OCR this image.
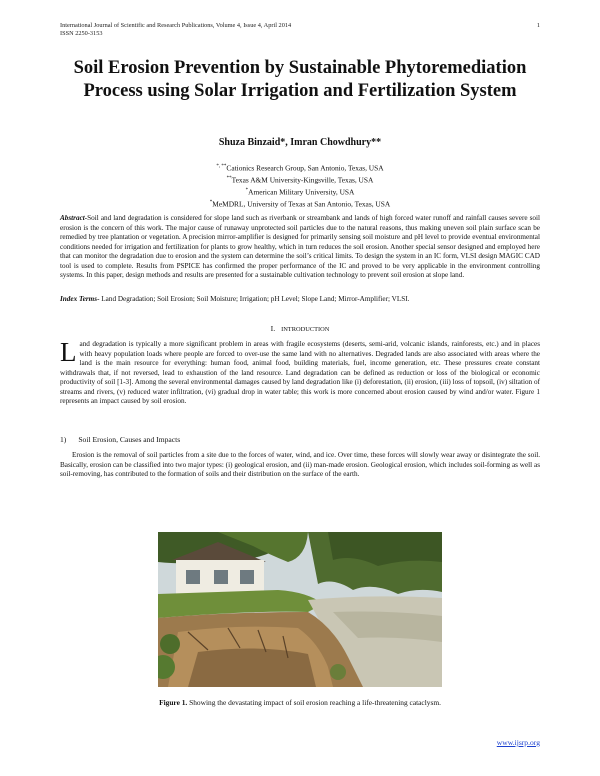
International Journal of Scientific and Research Publications, Volume 4, Issue 4, April 2014
ISSN 2250-3153
1
Soil Erosion Prevention by Sustainable Phytoremediation Process using Solar Irrigation and Fertilization System
Shuza Binzaid*, Imran Chowdhury**
*, **Cationics Research Group, San Antonio, Texas, USA
**Texas A&M University-Kingsville, Texas, USA
*American Military University, USA
*MeMDRL, University of Texas at San Antonio, Texas, USA
Abstract-Soil and land degradation is considered for slope land such as riverbank or streambank and lands of high forced water runoff and rainfall causes severe soil erosion is the concern of this work. The major cause of runaway unprotected soil particles due to the natural reasons, thus making uneven soil plain surface scan be remedied by tree plantation or vegetation. A precision mirror-amplifier is designed for primarily sensing soil moisture and pH level to provide eventual environmental conditions needed for irrigation and fertilization for plants to grow healthy, which in turn reduces the soil erosion. Another special sensor designed and employed here that can monitor the degradation due to erosion and the system can determine the soil’s critical limits. To design the system in an IC form, VLSI design MAGIC CAD tool is used to complete. Results from PSPICE has confirmed the proper performance of the IC and proved to be very applicable in the environment controlling systems. In this paper, design methods and results are presented for a sustainable cultivation technology to prevent soil erosion at slope land.
Index Terms- Land Degradation; Soil Erosion; Soil Moisture; Irrigation; pH Level; Slope Land; Mirror-Amplifier; VLSI.
I. INTRODUCTION
Land degradation is typically a more significant problem in areas with fragile ecosystems (deserts, semi-arid, volcanic islands, rainforests, etc.) and in places with heavy population loads where people are forced to over-use the same land with no alternatives. Degraded lands are also associated with areas where the land is the main resource for everything: human food, animal food, building materials, fuel, income generation, etc. These pressures create constant withdrawals that, if not reversed, lead to exhaustion of the land resource. Land degradation can be defined as reduction or loss of the biological or economic productivity of soil [1-3]. Among the several environmental damages caused by land degradation like (i) deforestation, (ii) erosion, (iii) loss of topsoil, (iv) siltation of streams and rivers, (v) reduced water infiltration, (vi) gradual drop in water table; this work is more concerned about erosion caused by wind and/or water. Figure 1 represents an impact caused by soil erosion.
1) Soil Erosion, Causes and Impacts
Erosion is the removal of soil particles from a site due to the forces of water, wind, and ice. Over time, these forces will slowly wear away or disintegrate the soil. Basically, erosion can be classified into two major types: (i) geological erosion, and (ii) man-made erosion. Geological erosion, which includes soil-forming as well as soil-removing, has contributed to the formation of soils and their distribution on the surface of the earth.
Figure 1. Showing the devastating impact of soil erosion reaching a life-threatening cataclysm.
www.ijsrp.org
